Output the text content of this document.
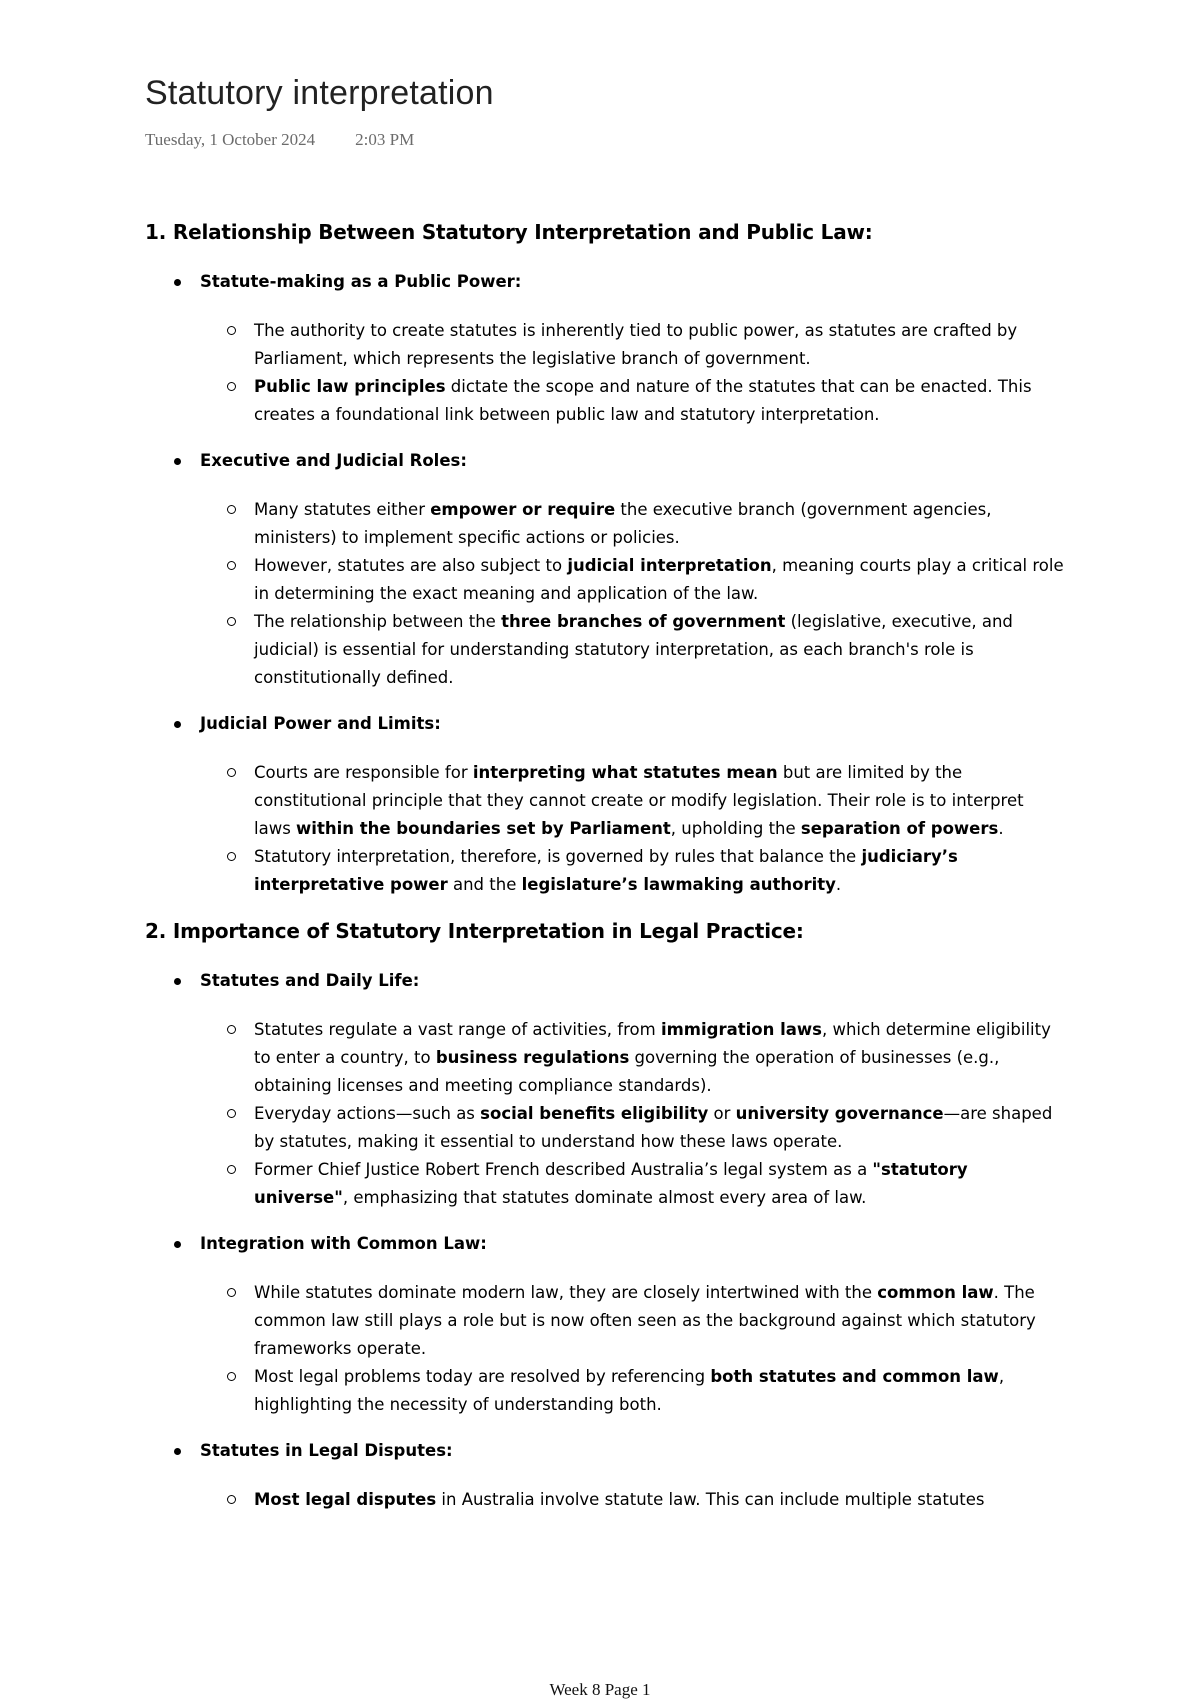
Statutory interpretation
Tuesday, 1 October 2024 2:03 PM
1. Relationship Between Statutory Interpretation and Public Law:
Statute-making as a Public Power:
The authority to create statutes is inherently tied to public power, as statutes are crafted by Parliament, which represents the legislative branch of government.
Public law principles dictate the scope and nature of the statutes that can be enacted. This creates a foundational link between public law and statutory interpretation.
Executive and Judicial Roles:
Many statutes either empower or require the executive branch (government agencies, ministers) to implement specific actions or policies.
However, statutes are also subject to judicial interpretation, meaning courts play a critical role in determining the exact meaning and application of the law.
The relationship between the three branches of government (legislative, executive, and judicial) is essential for understanding statutory interpretation, as each branch's role is constitutionally defined.
Judicial Power and Limits:
Courts are responsible for interpreting what statutes mean but are limited by the constitutional principle that they cannot create or modify legislation. Their role is to interpret laws within the boundaries set by Parliament, upholding the separation of powers.
Statutory interpretation, therefore, is governed by rules that balance the judiciary’s interpretative power and the legislature’s lawmaking authority.
2. Importance of Statutory Interpretation in Legal Practice:
Statutes and Daily Life:
Statutes regulate a vast range of activities, from immigration laws, which determine eligibility to enter a country, to business regulations governing the operation of businesses (e.g., obtaining licenses and meeting compliance standards).
Everyday actions—such as social benefits eligibility or university governance—are shaped by statutes, making it essential to understand how these laws operate.
Former Chief Justice Robert French described Australia’s legal system as a "statutory universe", emphasizing that statutes dominate almost every area of law.
Integration with Common Law:
While statutes dominate modern law, they are closely intertwined with the common law. The common law still plays a role but is now often seen as the background against which statutory frameworks operate.
Most legal problems today are resolved by referencing both statutes and common law, highlighting the necessity of understanding both.
Statutes in Legal Disputes:
Most legal disputes in Australia involve statute law. This can include multiple statutes
Week 8 Page 1
